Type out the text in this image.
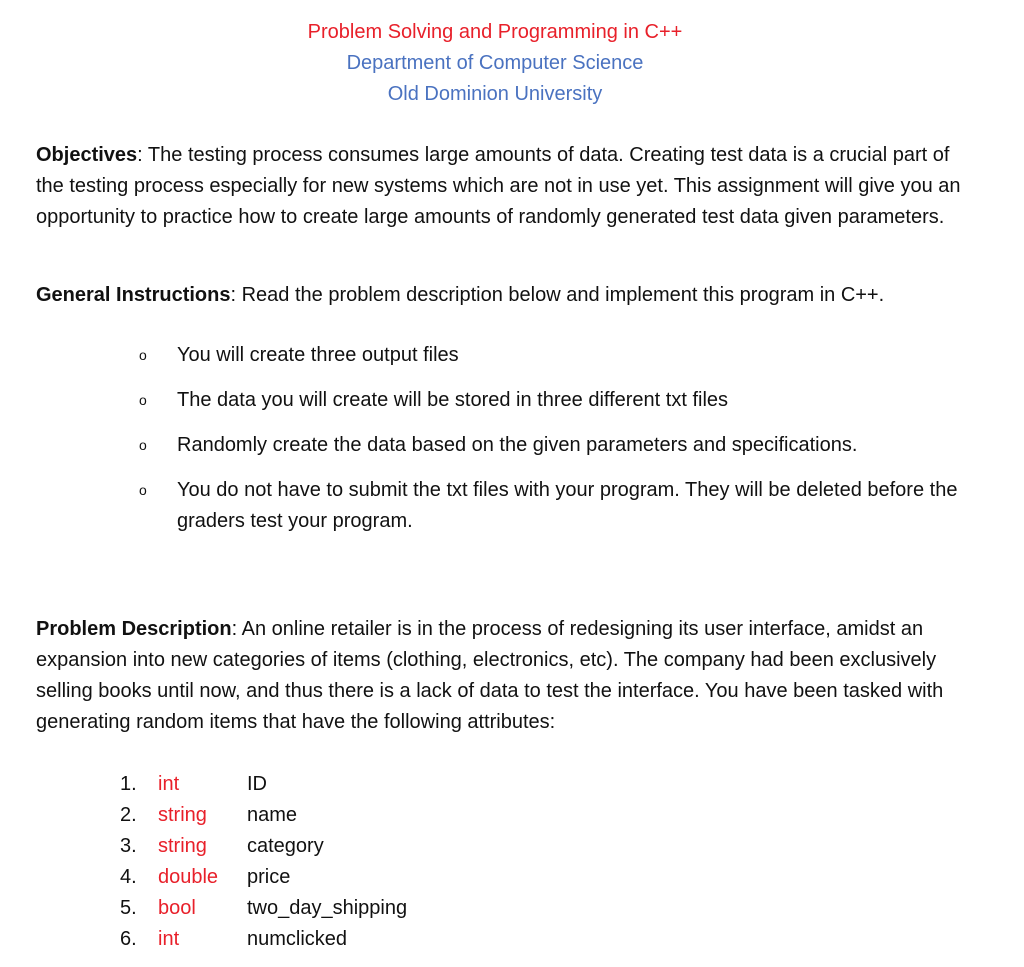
Problem Solving and Programming in C++
Department of Computer Science
Old Dominion University

Objectives: The testing process consumes large amounts of data. Creating test data is a crucial part of the testing process especially for new systems which are not in use yet. This assignment will give you an opportunity to practice how to create large amounts of randomly generated test data given parameters.

General Instructions: Read the problem description below and implement this program in C++.

o You will create three output files
o The data you will create will be stored in three different txt files
o Randomly create the data based on the given parameters and specifications.
o You do not have to submit the txt files with your program. They will be deleted before the graders test your program.

Problem Description: An online retailer is in the process of redesigning its user interface, amidst an expansion into new categories of items (clothing, electronics, etc). The company had been exclusively selling books until now, and thus there is a lack of data to test the interface. You have been tasked with generating random items that have the following attributes:

1.	int	ID
2.	string	name
3.	string	category
4.	double	price
5.	bool	two_day_shipping
6.	int	numclicked
